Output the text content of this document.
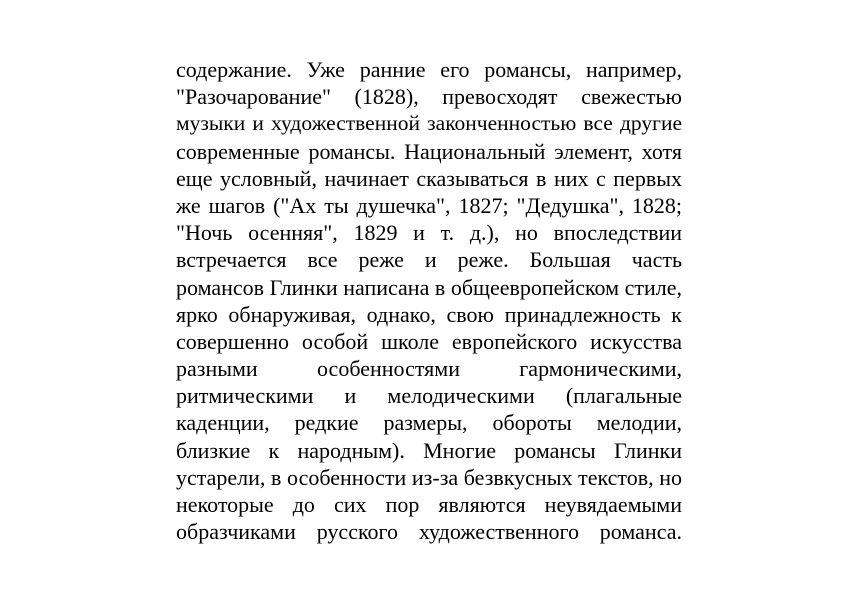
содержание. Уже ранние его романсы, например,
"Разочарование" (1828), превосходят свежестью
музыки и художественной законченностью все другие
современные романсы. Национальный элемент, хотя
еще условный, начинает сказываться в них с первых
же шагов ("Ах ты душечка", 1827; "Дедушка", 1828;
"Ночь осенняя", 1829 и т. д.), но впоследствии
встречается все реже и реже. Большая часть
романсов Глинки написана в общеевропейском стиле,
ярко обнаруживая, однако, свою принадлежность к
совершенно особой школе европейского искусства
разными особенностями гармоническими,
ритмическими и мелодическими (плагальные
каденции, редкие размеры, обороты мелодии,
близкие к народным). Многие романсы Глинки
устарели, в особенности из-за безвкусных текстов, но
некоторые до сих пор являются неувядаемыми
образчиками русского художественного романса.
